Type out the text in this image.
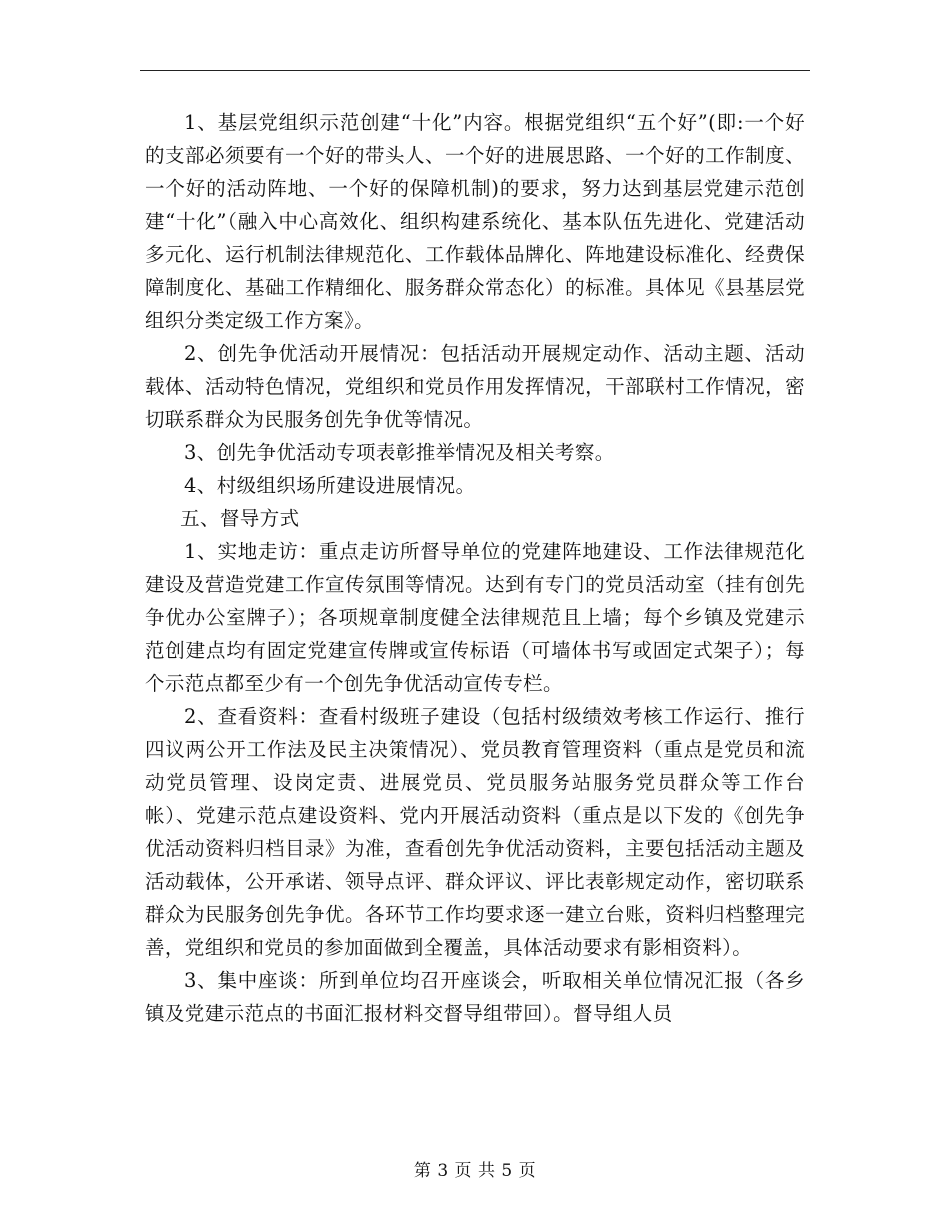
1、基层党组织示范创建“十化”内容。根据党组织“五个好”(即:一个好的支部必须要有一个好的带头人、一个好的进展思路、一个好的工作制度、一个好的活动阵地、一个好的保障机制)的要求，努力达到基层党建示范创建“十化”（融入中心高效化、组织构建系统化、基本队伍先进化、党建活动多元化、运行机制法律规范化、工作载体品牌化、阵地建设标准化、经费保障制度化、基础工作精细化、服务群众常态化）的标准。具体见《县基层党组织分类定级工作方案》。

2、创先争优活动开展情况：包括活动开展规定动作、活动主题、活动载体、活动特色情况，党组织和党员作用发挥情况，干部联村工作情况，密切联系群众为民服务创先争优等情况。

3、创先争优活动专项表彰推举情况及相关考察。

4、村级组织场所建设进展情况。

五、督导方式

1、实地走访：重点走访所督导单位的党建阵地建设、工作法律规范化建设及营造党建工作宣传氛围等情况。达到有专门的党员活动室（挂有创先争优办公室牌子）；各项规章制度健全法律规范且上墙；每个乡镇及党建示范创建点均有固定党建宣传牌或宣传标语（可墙体书写或固定式架子）；每个示范点都至少有一个创先争优活动宣传专栏。

2、查看资料：查看村级班子建设（包括村级绩效考核工作运行、推行四议两公开工作法及民主决策情况）、党员教育管理资料（重点是党员和流动党员管理、设岗定责、进展党员、党员服务站服务党员群众等工作台帐）、党建示范点建设资料、党内开展活动资料（重点是以下发的《创先争优活动资料归档目录》为准，查看创先争优活动资料，主要包括活动主题及活动载体，公开承诺、领导点评、群众评议、评比表彰规定动作，密切联系群众为民服务创先争优。各环节工作均要求逐一建立台账，资料归档整理完善，党组织和党员的参加面做到全覆盖，具体活动要求有影相资料）。

3、集中座谈：所到单位均召开座谈会，听取相关单位情况汇报（各乡镇及党建示范点的书面汇报材料交督导组带回）。督导组人员

第 3 页 共 5 页
